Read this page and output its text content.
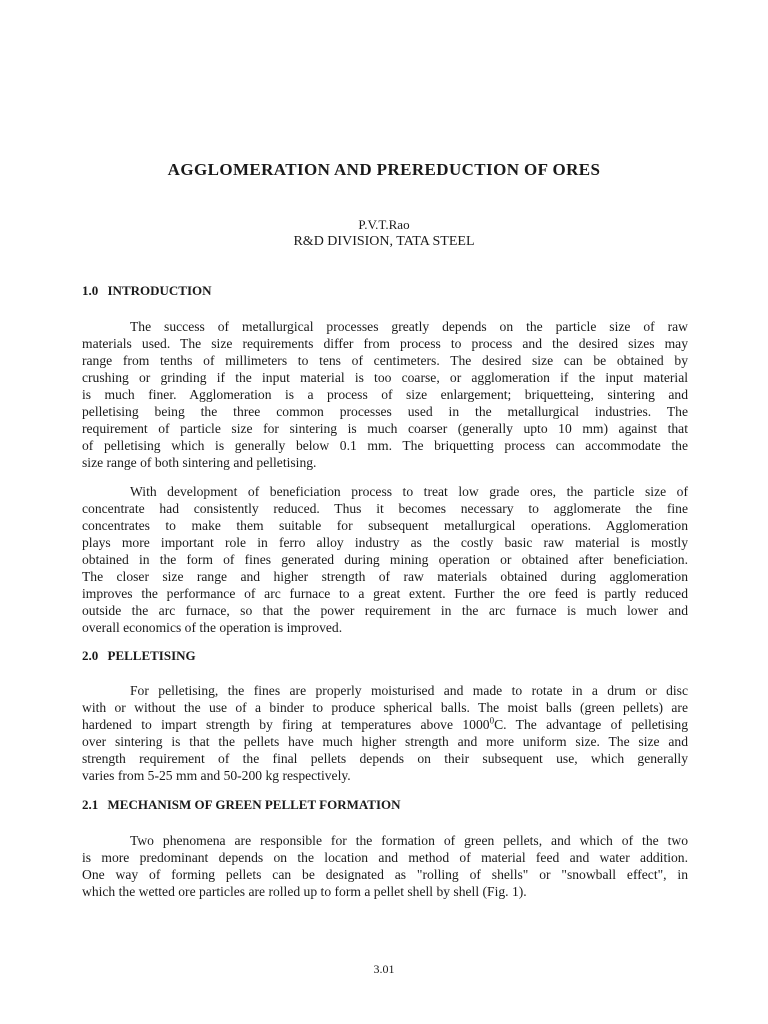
AGGLOMERATION AND PREREDUCTION OF ORES
P.V.T.Rao
R&D DIVISION, TATA STEEL
1.0 INTRODUCTION
The success of metallurgical processes greatly depends on the particle size of raw
materials used. The size requirements differ from process to process and the desired sizes may
range from tenths of millimeters to tens of centimeters. The desired size can be obtained by
crushing or grinding if the input material is too coarse, or agglomeration if the input material
is much finer. Agglomeration is a process of size enlargement; briquetteing, sintering and
pelletising being the three common processes used in the metallurgical industries. The
requirement of particle size for sintering is much coarser (generally upto 10 mm) against that
of pelletising which is generally below 0.1 mm. The briquetting process can accommodate the
size range of both sintering and pelletising.
With development of beneficiation process to treat low grade ores, the particle size of
concentrate had consistently reduced. Thus it becomes necessary to agglomerate the fine
concentrates to make them suitable for subsequent metallurgical operations. Agglomeration
plays more important role in ferro alloy industry as the costly basic raw material is mostly
obtained in the form of fines generated during mining operation or obtained after beneficiation.
The closer size range and higher strength of raw materials obtained during agglomeration
improves the performance of arc furnace to a great extent. Further the ore feed is partly reduced
outside the arc furnace, so that the power requirement in the arc furnace is much lower and
overall economics of the operation is improved.
2.0 PELLETISING
For pelletising, the fines are properly moisturised and made to rotate in a drum or disc
with or without the use of a binder to produce spherical balls. The moist balls (green pellets) are
hardened to impart strength by firing at temperatures above 1000$^0$C. The advantage of pelletising
over sintering is that the pellets have much higher strength and more uniform size. The size and
strength requirement of the final pellets depends on their subsequent use, which generally
varies from 5-25 mm and 50-200 kg respectively.
2.1 MECHANISM OF GREEN PELLET FORMATION
Two phenomena are responsible for the formation of green pellets, and which of the two
is more predominant depends on the location and method of material feed and water addition.
One way of forming pellets can be designated as "rolling of shells" or "snowball effect", in
which the wetted ore particles are rolled up to form a pellet shell by shell (Fig. 1).
3.01
